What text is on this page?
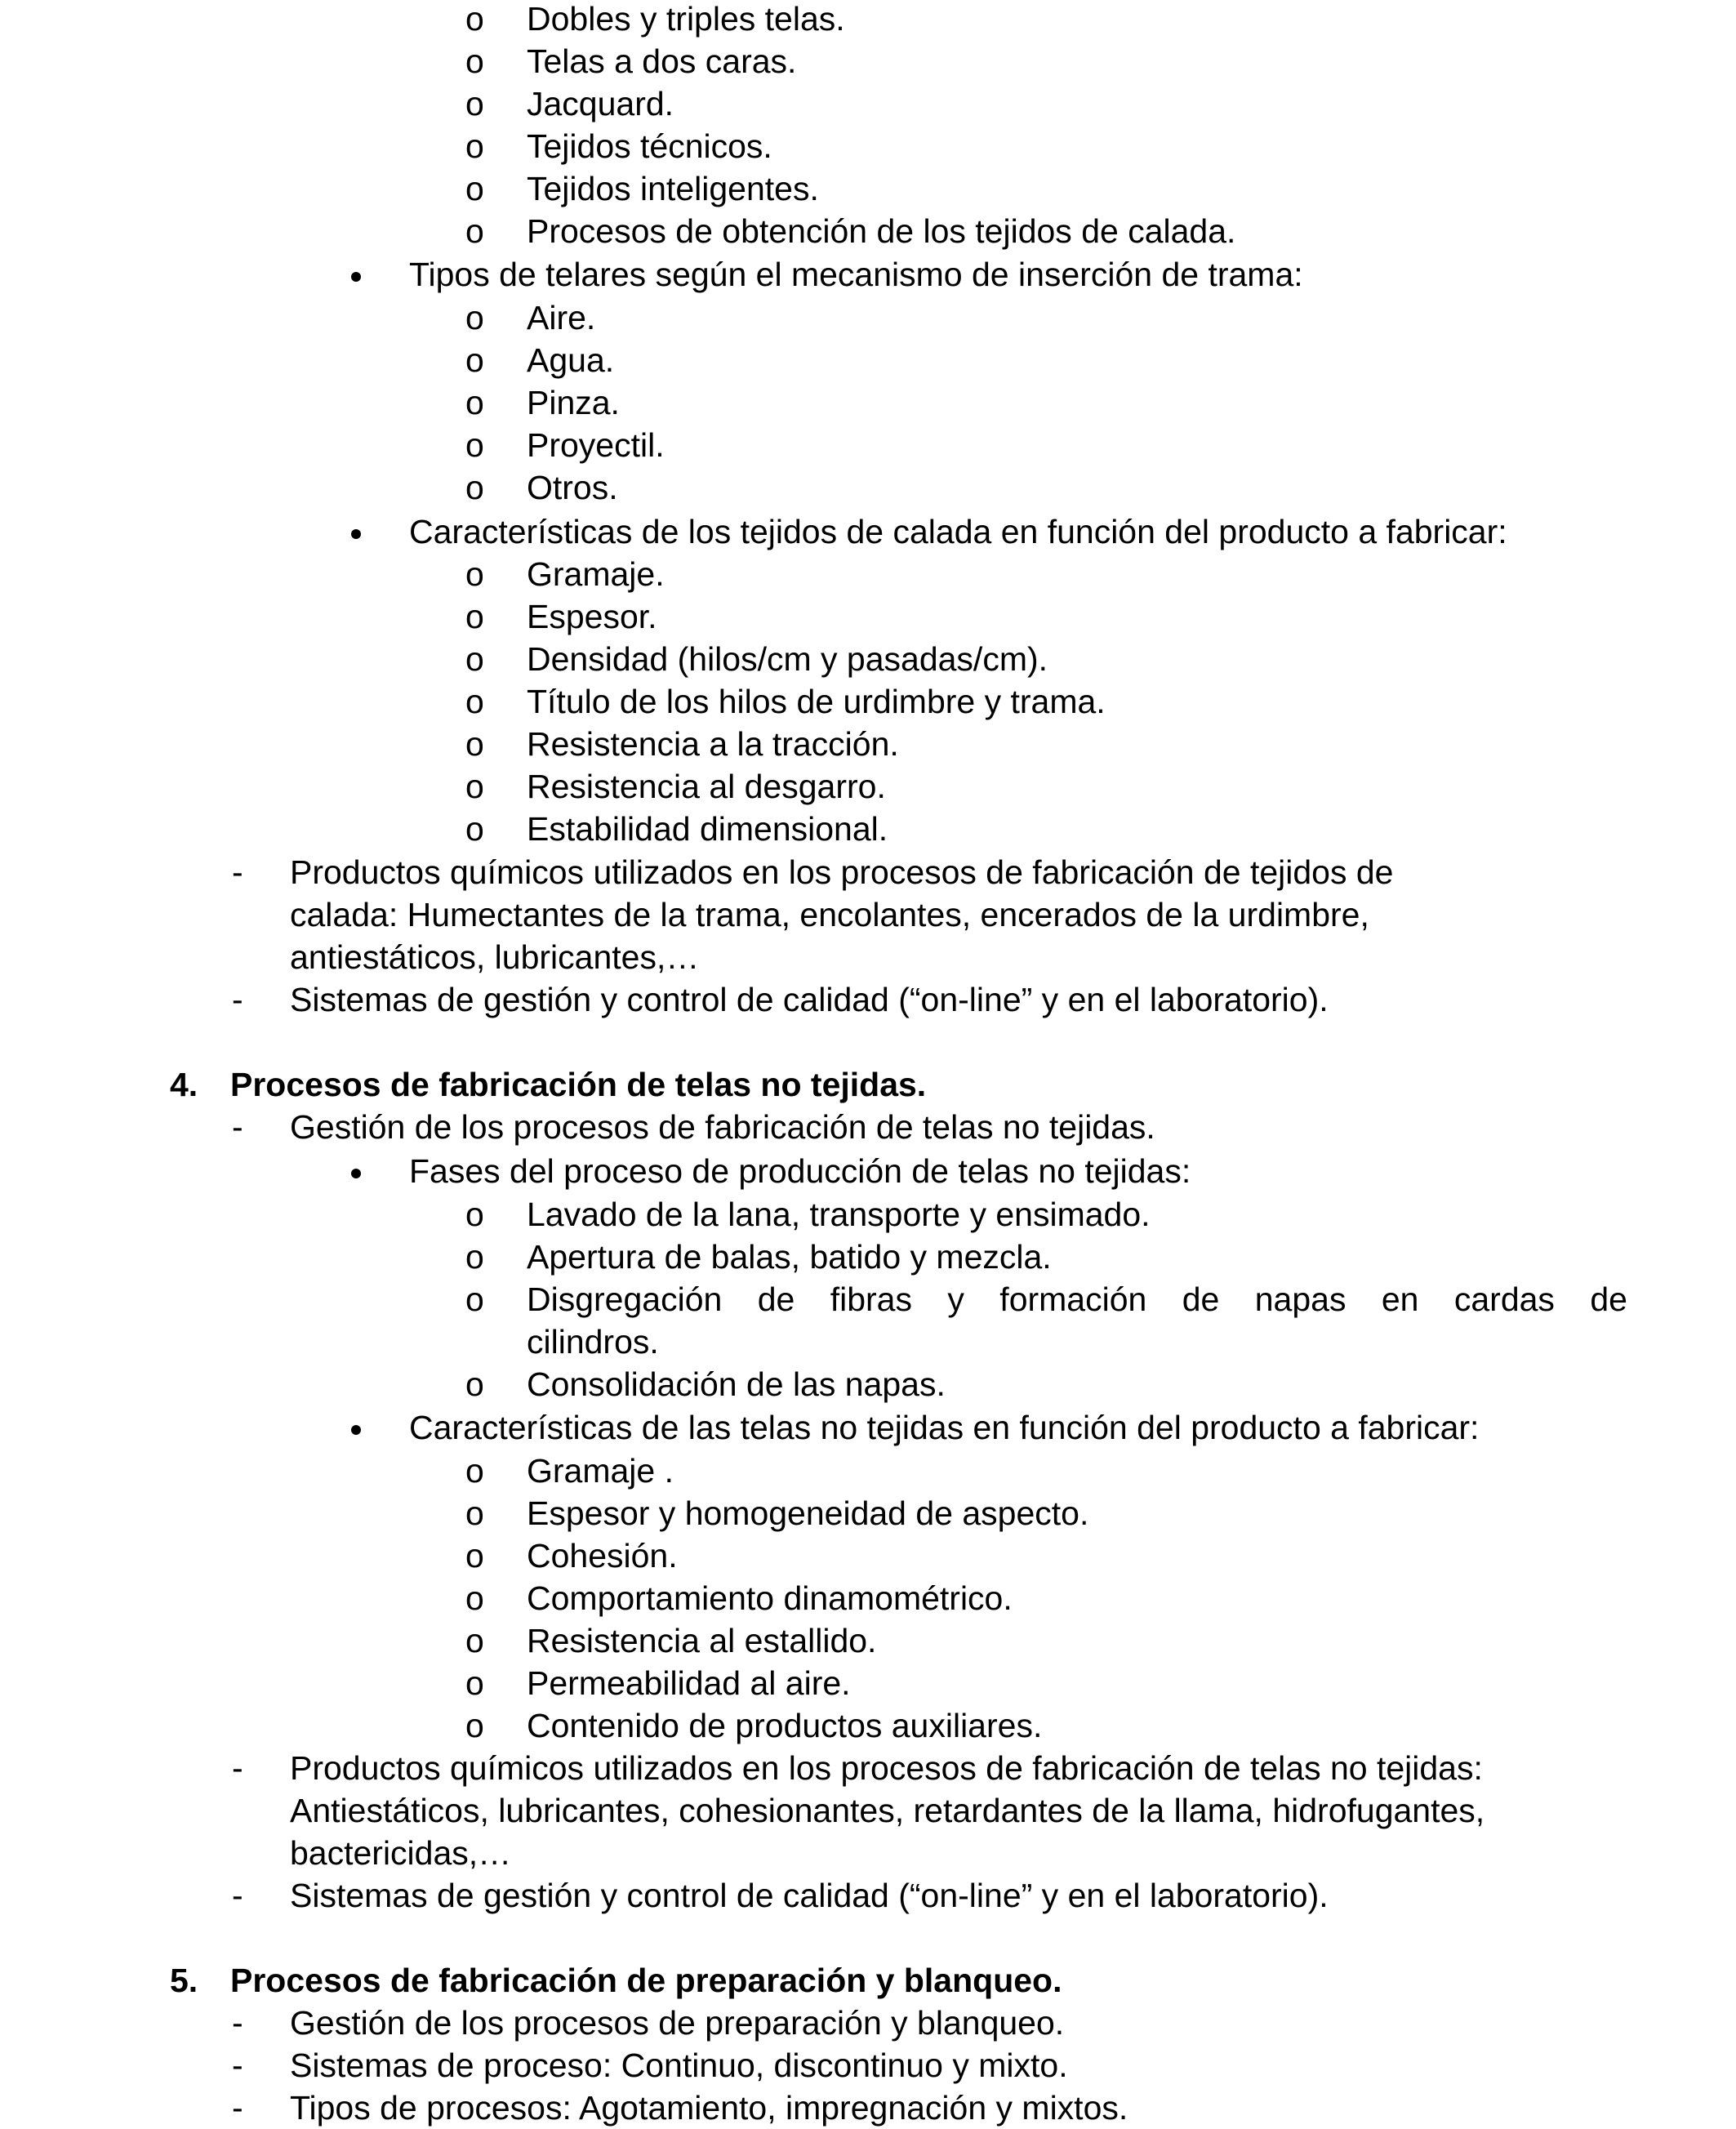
o Dobles y triples telas.
o Telas a dos caras.
o Jacquard.
o Tejidos técnicos.
o Tejidos inteligentes.
o Procesos de obtención de los tejidos de calada.
Tipos de telares según el mecanismo de inserción de trama:
o Aire.
o Agua.
o Pinza.
o Proyectil.
o Otros.
Características de los tejidos de calada en función del producto a fabricar:
o Gramaje.
o Espesor.
o Densidad (hilos/cm y pasadas/cm).
o Título de los hilos de urdimbre y trama.
o Resistencia a la tracción.
o Resistencia al desgarro.
o Estabilidad dimensional.
- Productos químicos utilizados en los procesos de fabricación de tejidos de
calada: Humectantes de la trama, encolantes, encerados de la urdimbre,
antiestáticos, lubricantes,…
- Sistemas de gestión y control de calidad (“on-line” y en el laboratorio).
4. Procesos de fabricación de telas no tejidas.
- Gestión de los procesos de fabricación de telas no tejidas.
Fases del proceso de producción de telas no tejidas:
o Lavado de la lana, transporte y ensimado.
o Apertura de balas, batido y mezcla.
o Disgregación de fibras y formación de napas en cardas de
cilindros.
o Consolidación de las napas.
Características de las telas no tejidas en función del producto a fabricar:
o Gramaje .
o Espesor y homogeneidad de aspecto.
o Cohesión.
o Comportamiento dinamométrico.
o Resistencia al estallido.
o Permeabilidad al aire.
o Contenido de productos auxiliares.
- Productos químicos utilizados en los procesos de fabricación de telas no tejidas:
Antiestáticos, lubricantes, cohesionantes, retardantes de la llama, hidrofugantes,
bactericidas,…
- Sistemas de gestión y control de calidad (“on-line” y en el laboratorio).
5. Procesos de fabricación de preparación y blanqueo.
- Gestión de los procesos de preparación y blanqueo.
- Sistemas de proceso: Continuo, discontinuo y mixto.
- Tipos de procesos: Agotamiento, impregnación y mixtos.
